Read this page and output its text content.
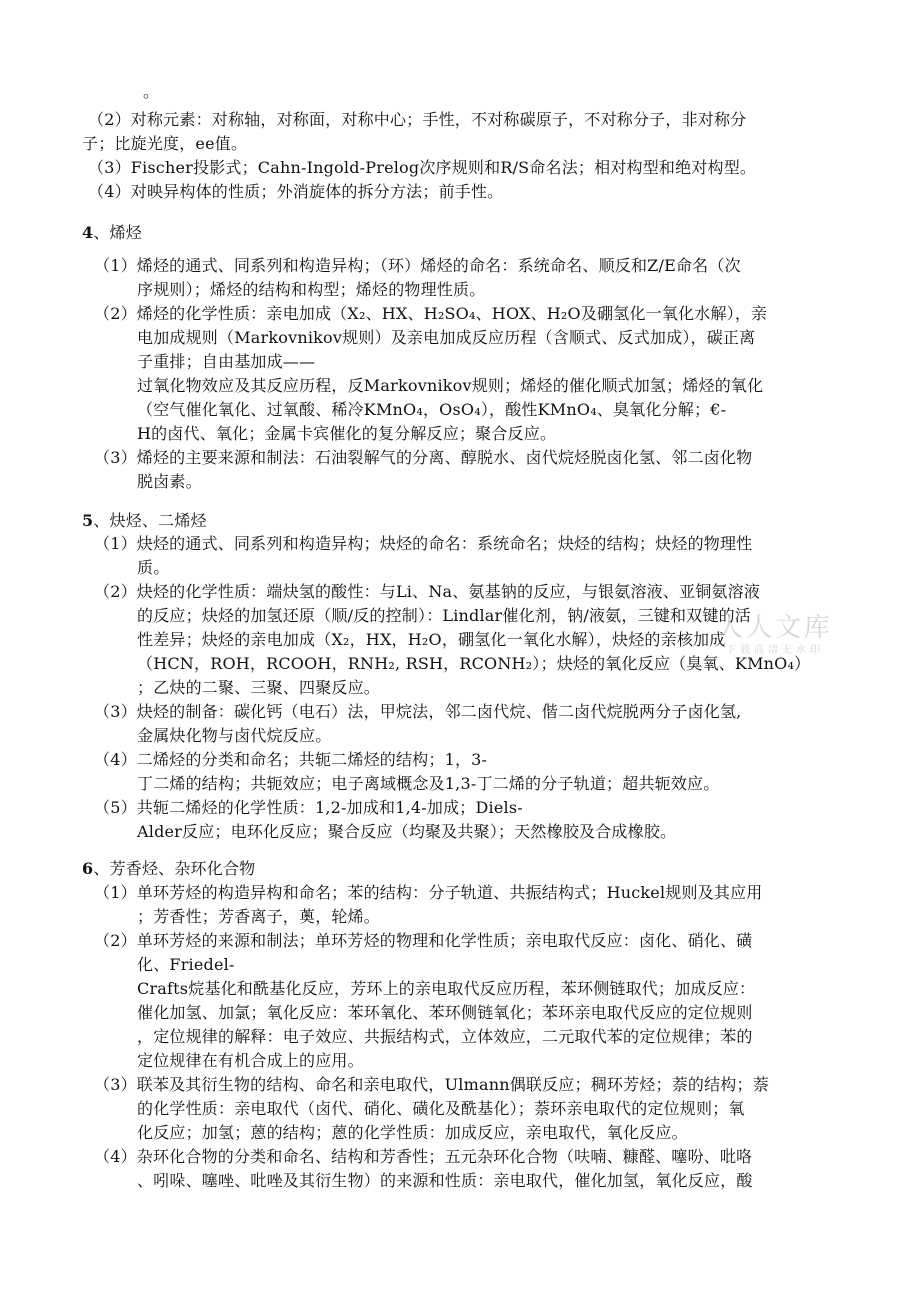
。
（2）对称元素：对称轴，对称面，对称中心；手性，不对称碳原子，不对称分子，非对称分
子；比旋光度，ee值。
（3）Fischer投影式；Cahn-Ingold-Prelog次序规则和R/S命名法；相对构型和绝对构型。
（4）对映异构体的性质；外消旋体的拆分方法；前手性。
4、烯烃
（1）烯烃的通式、同系列和构造异构；（环）烯烃的命名：系统命名、顺反和Z/E命名（次
序规则）；烯烃的结构和构型；烯烃的物理性质。
（2）烯烃的化学性质：亲电加成（X₂、HX、H₂SO₄、HOX、H₂O及硼氢化一氧化水解），亲
电加成规则（Markovnikov规则）及亲电加成反应历程（含顺式、反式加成），碳正离
子重排；自由基加成——
过氧化物效应及其反应历程，反Markovnikov规则；烯烃的催化顺式加氢；烯烃的氧化
（空气催化氧化、过氧酸、稀冷KMnO₄，OsO₄），酸性KMnO₄、臭氧化分解；€-
H的卤代、氧化；金属卡宾催化的复分解反应；聚合反应。
（3）烯烃的主要来源和制法：石油裂解气的分离、醇脱水、卤代烷烃脱卤化氢、邻二卤化物
脱卤素。
5、炔烃、二烯烃
（1）炔烃的通式、同系列和构造异构；炔烃的命名：系统命名；炔烃的结构；炔烃的物理性
质。
（2）炔烃的化学性质：端炔氢的酸性：与Li、Na、氨基钠的反应，与银氨溶液、亚铜氨溶液
的反应；炔烃的加氢还原（顺/反的控制）：Lindlar催化剂，钠/液氨，三键和双键的活
性差异；炔烃的亲电加成（X₂，HX，H₂O，硼氢化一氧化水解），炔烃的亲核加成
（HCN，ROH，RCOOH，RNH₂, RSH，RCONH₂）；炔烃的氧化反应（臭氧、KMnO₄）
；乙炔的二聚、三聚、四聚反应。
（3）炔烃的制备：碳化钙（电石）法，甲烷法，邻二卤代烷、偕二卤代烷脱两分子卤化氢,
金属炔化物与卤代烷反应。
（4）二烯烃的分类和命名；共轭二烯烃的结构；1，3-
丁二烯的结构；共轭效应；电子离域概念及1,3-丁二烯的分子轨道；超共轭效应。
（5）共轭二烯烃的化学性质：1,2-加成和1,4-加成；Diels-
Alder反应；电环化反应；聚合反应（均聚及共聚）；天然橡胶及合成橡胶。
6、芳香烃、杂环化合物
（1）单环芳烃的构造异构和命名；苯的结构：分子轨道、共振结构式；Huckel规则及其应用
；芳香性；芳香离子，薁，轮烯。
（2）单环芳烃的来源和制法；单环芳烃的物理和化学性质；亲电取代反应：卤化、硝化、磺
化、Friedel-
Crafts烷基化和酰基化反应，芳环上的亲电取代反应历程，苯环侧链取代；加成反应：
催化加氢、加氯；氧化反应：苯环氧化、苯环侧链氧化；苯环亲电取代反应的定位规则
，定位规律的解释：电子效应、共振结构式，立体效应，二元取代苯的定位规律；苯的
定位规律在有机合成上的应用。
（3）联苯及其衍生物的结构、命名和亲电取代，Ulmann偶联反应；稠环芳烃；萘的结构；萘
的化学性质：亲电取代（卤代、硝化、磺化及酰基化）；萘环亲电取代的定位规则；氧
化反应；加氢；蒽的结构；蒽的化学性质：加成反应，亲电取代，氧化反应。
（4）杂环化合物的分类和命名、结构和芳香性；五元杂环化合物（呋喃、糠醛、噻吩、吡咯
、吲哚、噻唑、吡唑及其衍生物）的来源和性质：亲电取代，催化加氢，氧化反应，酸
人人文库
下载高清无水印
